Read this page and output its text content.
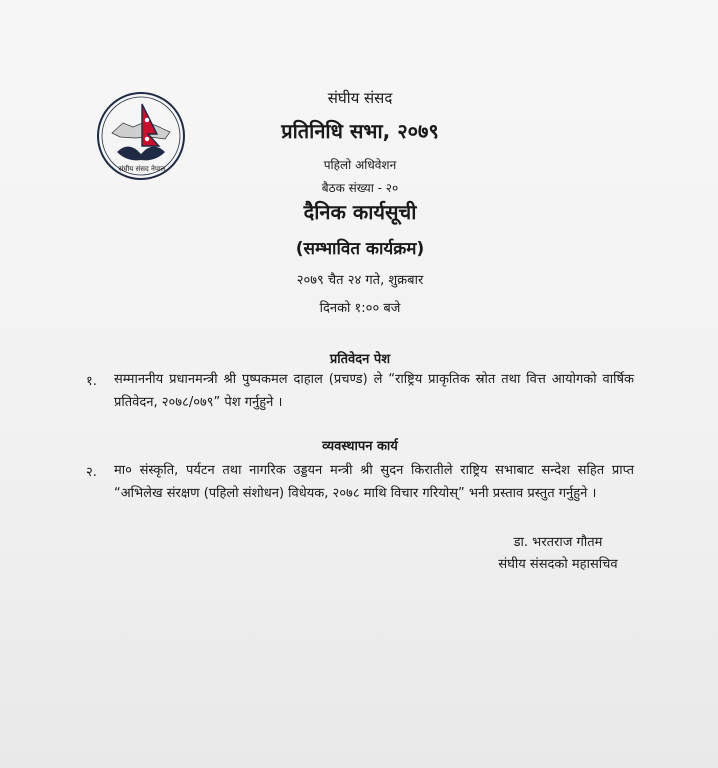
संघीय संसद नेपाल
संघीय संसद
प्रतिनिधि सभा, २०७९
पहिलो अधिवेशन
बैठक संख्या - २०
दैनिक कार्यसूची
(सम्भावित कार्यक्रम)
२०७९ चैत २४ गते, शुक्रबार
दिनको १:०० बजे
प्रतिवेदन पेश
१. सम्माननीय प्रधानमन्त्री श्री पुष्पकमल दाहाल (प्रचण्ड) ले “राष्ट्रिय प्राकृतिक स्रोत तथा वित्त आयोगको वार्षिक प्रतिवेदन, २०७८/०७९” पेश गर्नुहुने ।
व्यवस्थापन कार्य
२. मा० संस्कृति, पर्यटन तथा नागरिक उड्डयन मन्त्री श्री सुदन किरातीले राष्ट्रिय सभाबाट सन्देश सहित प्राप्त “अभिलेख संरक्षण (पहिलो संशोधन) विधेयक, २०७८ माथि विचार गरियोस्” भनी प्रस्ताव प्रस्तुत गर्नुहुने ।
डा. भरतराज गौतम
संघीय संसदको महासचिव
